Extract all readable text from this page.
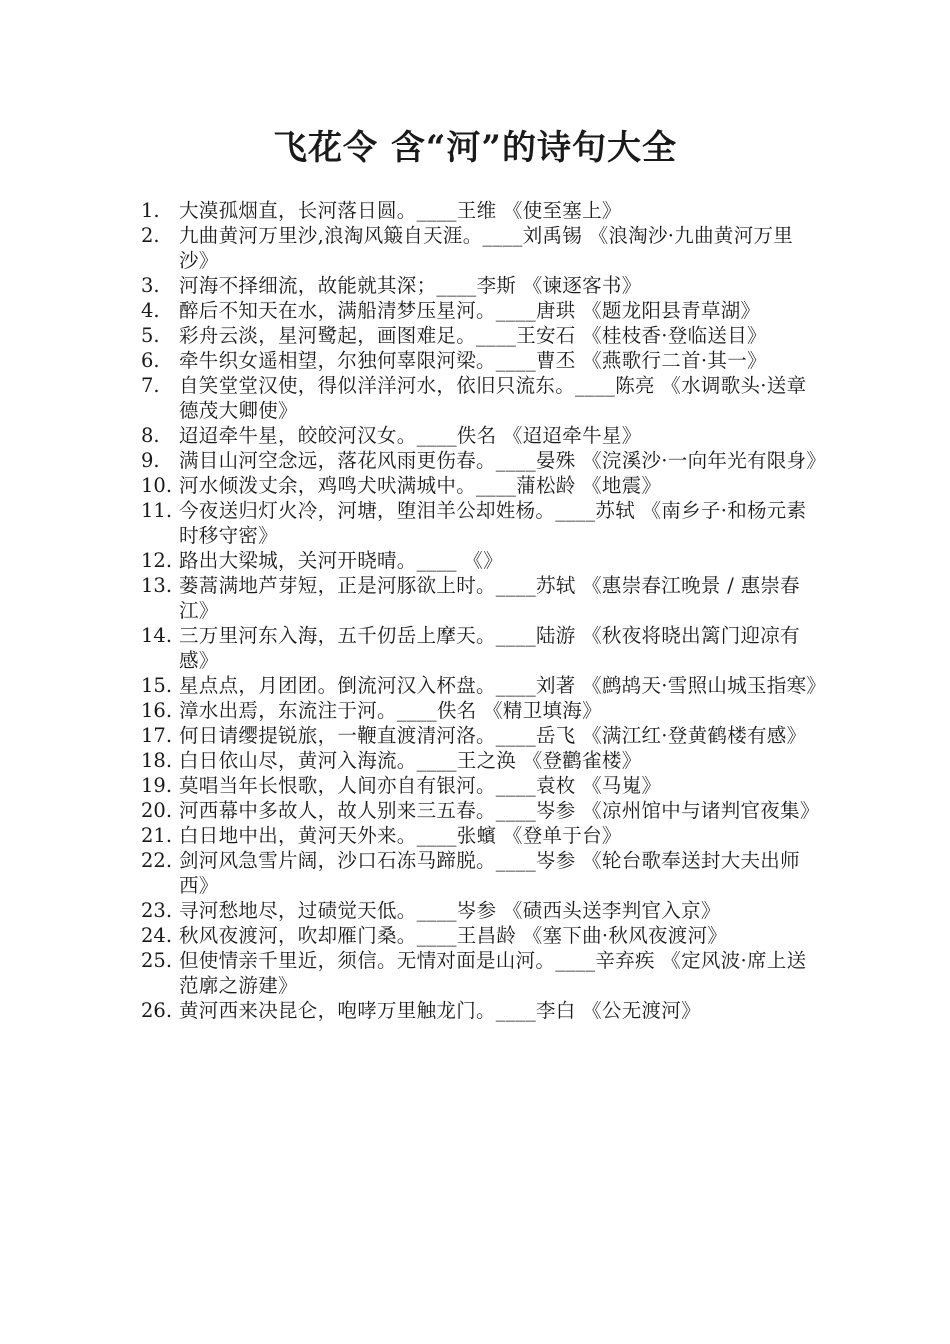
飞花令 含“河”的诗句大全
1. 大漠孤烟直，长河落日圆。____王维 《使至塞上》
2. 九曲黄河万里沙,浪淘风簸自天涯。____刘禹锡 《浪淘沙·九曲黄河万里沙》
3. 河海不择细流，故能就其深；____李斯 《谏逐客书》
4. 醉后不知天在水，满船清梦压星河。____唐珙 《题龙阳县青草湖》
5. 彩舟云淡，星河鹭起，画图难足。____王安石 《桂枝香·登临送目》
6. 牵牛织女遥相望，尔独何辜限河梁。____曹丕 《燕歌行二首·其一》
7. 自笑堂堂汉使，得似洋洋河水，依旧只流东。____陈亮 《水调歌头·送章德茂大卿使》
8. 迢迢牵牛星，皎皎河汉女。____佚名 《迢迢牵牛星》
9. 满目山河空念远，落花风雨更伤春。____晏殊 《浣溪沙·一向年光有限身》
10. 河水倾泼丈余，鸡鸣犬吠满城中。____蒲松龄 《地震》
11. 今夜送归灯火冷，河塘，堕泪羊公却姓杨。____苏轼 《南乡子·和杨元素时移守密》
12. 路出大梁城，关河开晓晴。____ 《》
13. 蒌蒿满地芦芽短，正是河豚欲上时。____苏轼 《惠崇春江晚景 / 惠崇春江》
14. 三万里河东入海，五千仞岳上摩天。____陆游 《秋夜将晓出篱门迎凉有感》
15. 星点点，月团团。倒流河汉入杯盘。____刘著 《鹧鸪天·雪照山城玉指寒》
16. 漳水出焉，东流注于河。____佚名 《精卫填海》
17. 何日请缨提锐旅，一鞭直渡清河洛。____岳飞 《满江红·登黄鹤楼有感》
18. 白日依山尽，黄河入海流。____王之涣 《登鹳雀楼》
19. 莫唱当年长恨歌，人间亦自有银河。____袁枚 《马嵬》
20. 河西幕中多故人，故人别来三五春。____岑参 《凉州馆中与诸判官夜集》
21. 白日地中出，黄河天外来。____张蠙 《登单于台》
22. 剑河风急雪片阔，沙口石冻马蹄脱。____岑参 《轮台歌奉送封大夫出师西》
23. 寻河愁地尽，过碛觉天低。____岑参 《碛西头送李判官入京》
24. 秋风夜渡河，吹却雁门桑。____王昌龄 《塞下曲·秋风夜渡河》
25. 但使情亲千里近，须信。无情对面是山河。____辛弃疾 《定风波·席上送范廓之游建》
26. 黄河西来决昆仑，咆哮万里触龙门。____李白 《公无渡河》
